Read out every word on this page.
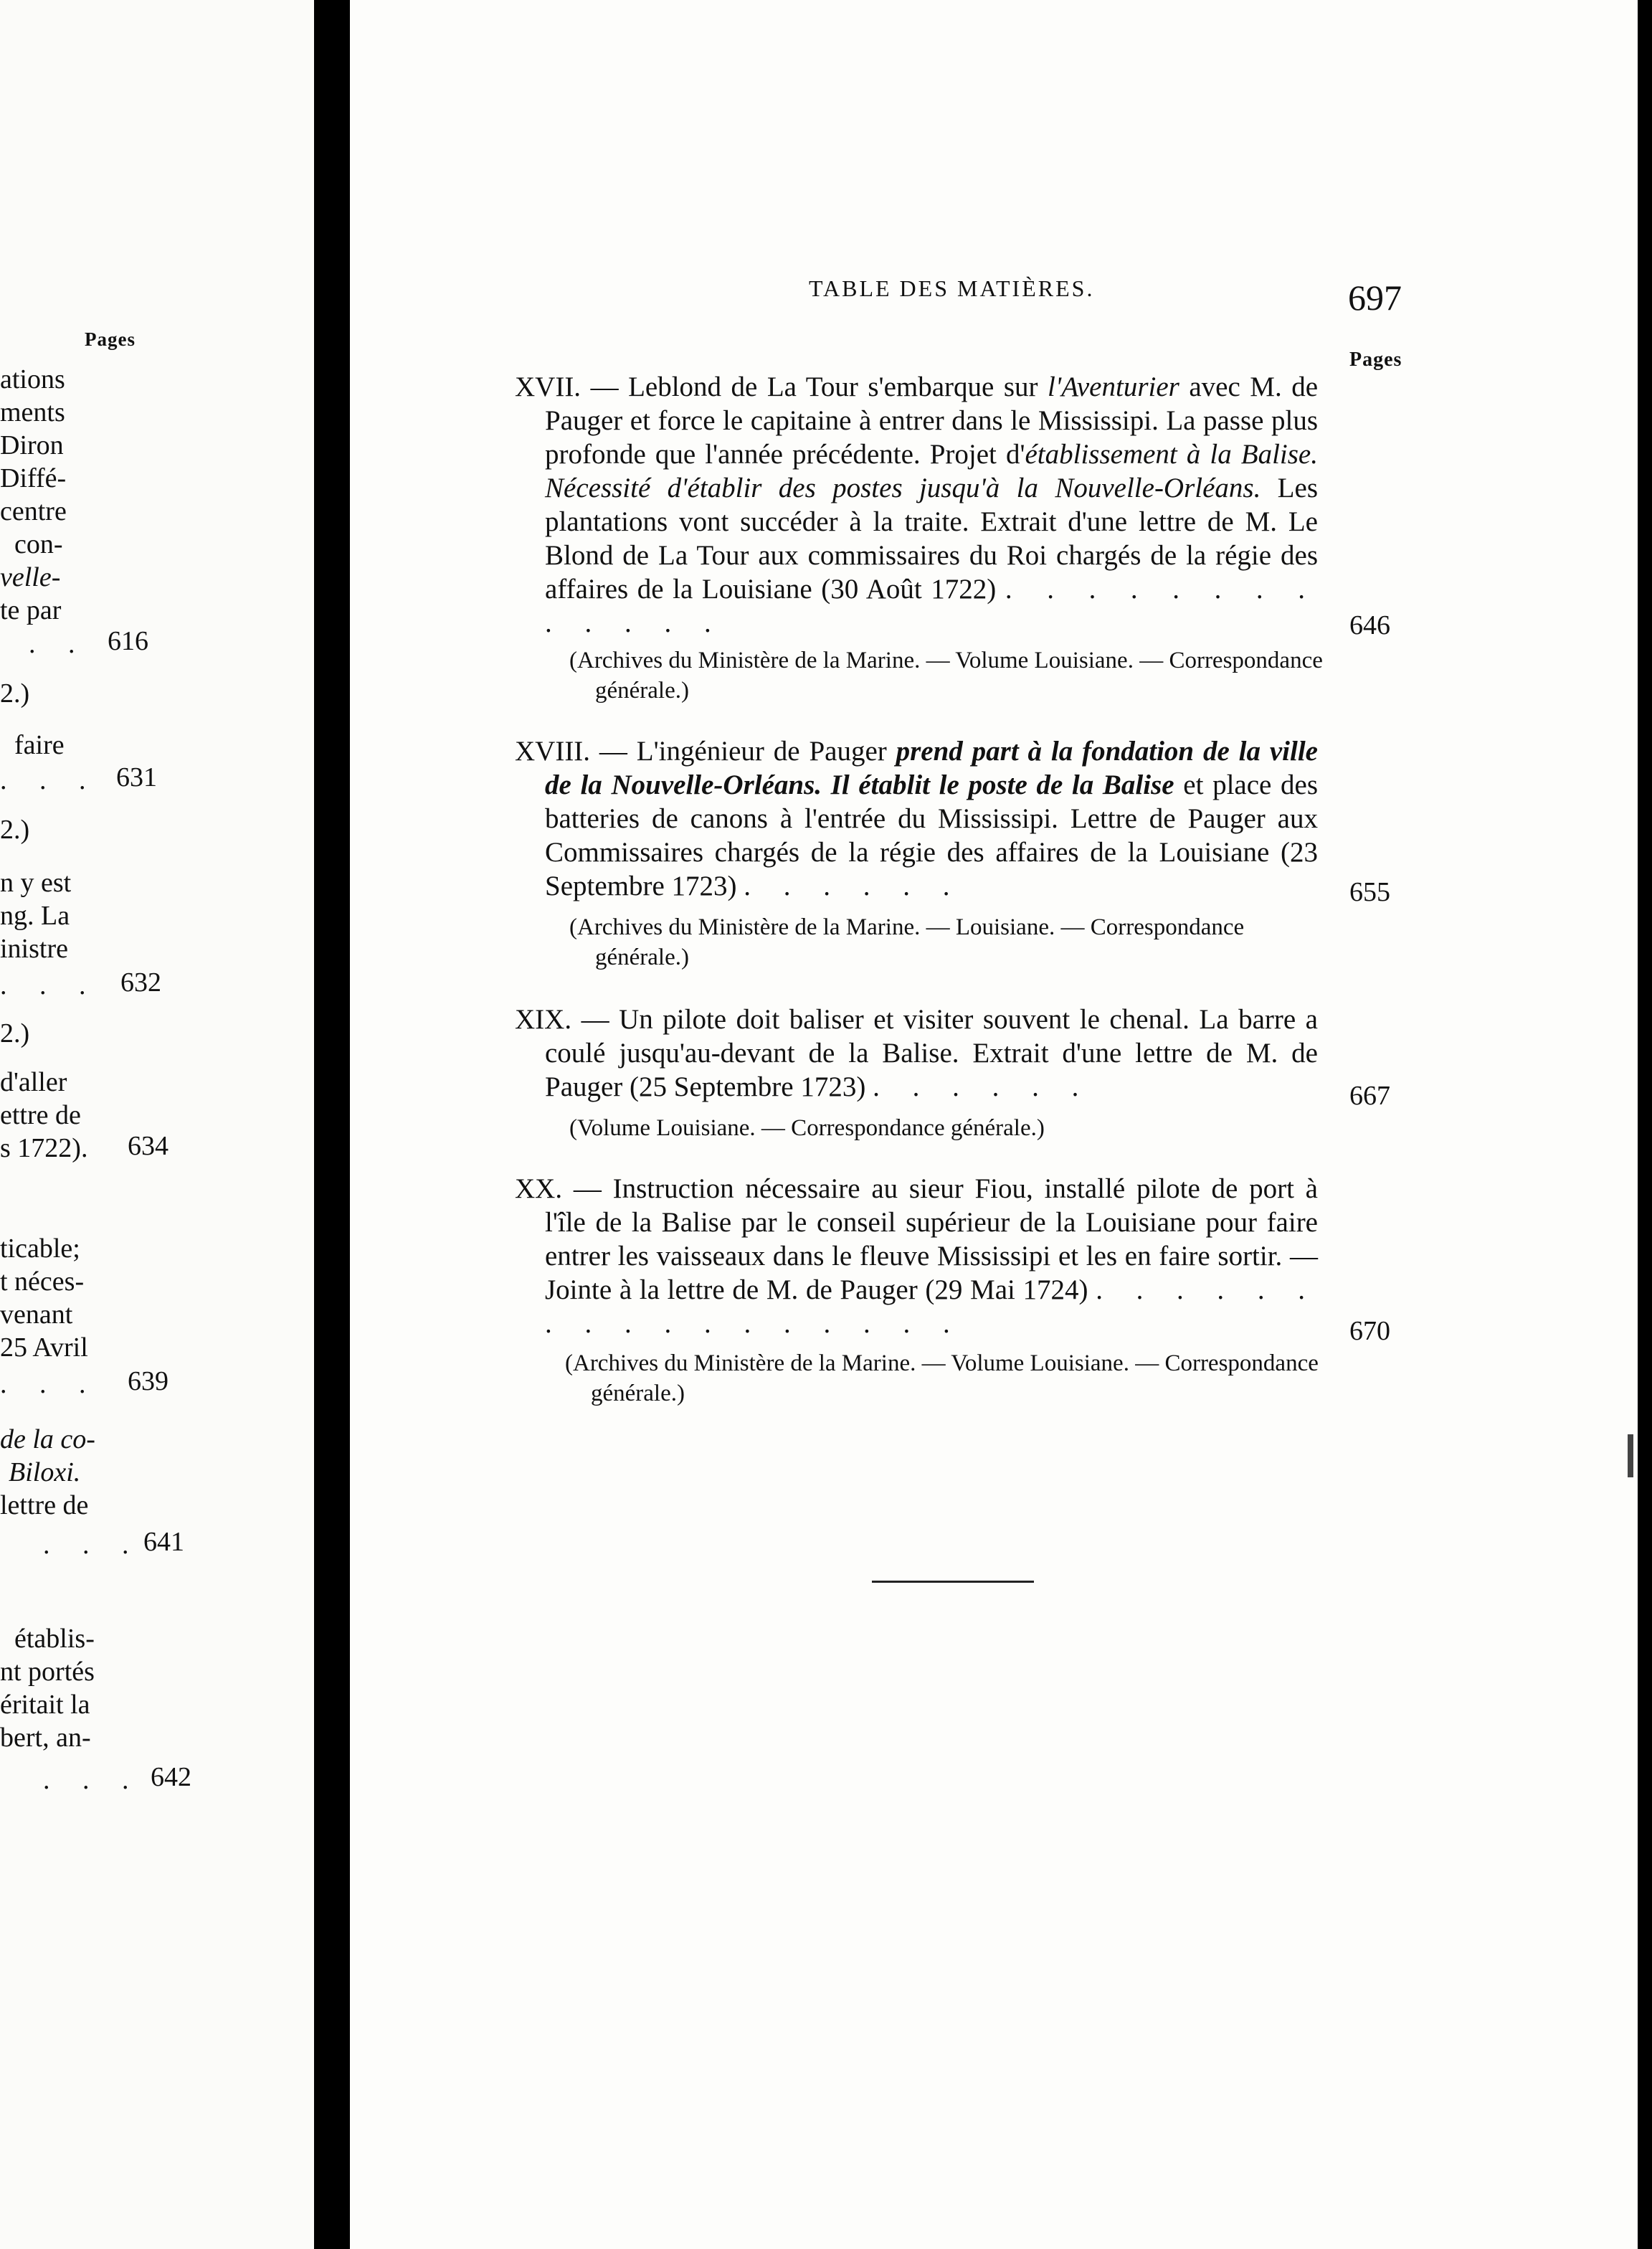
Pages
ations
ments
Diron
Diffé-
centre
con-
velle-
te par
. . 616
2.)
faire
. . . 631
2.)
n y est
ng. La
inistre
. . . 632
2.)
d'aller
ettre de
s 1722). 634
ticable;
t néces-
venant
25 Avril
. . . 639
de la co-
Biloxi.
lettre de
. . . 641
établis-
nt portés
éritait la
bert, an-
. . . 642
TABLE DES MATIÈRES.	697
Pages

XVII. — Leblond de La Tour s'embarque sur l'Aventurier avec M. de Pauger et force le capitaine à entrer dans le Mississipi. La passe plus profonde que l'année précédente. Projet d'établissement à la Balise. Nécessité d'établir des postes jusqu'à la Nouvelle-Orléans. Les plantations vont succéder à la traite. Extrait d'une lettre de M. Le Blond de La Tour aux commissaires du Roi chargés de la régie des affaires de la Louisiane (30 Août 1722) . . . . . . . . . . . . .	646

(Archives du Ministère de la Marine. — Volume Louisiane. — Correspondance générale.)

XVIII. — L'ingénieur de Pauger prend part à la fondation de la ville de la Nouvelle-Orléans. Il établit le poste de la Balise et place des batteries de canons à l'entrée du Mississipi. Lettre de Pauger aux Commissaires chargés de la régie des affaires de la Louisiane (23 Septembre 1723) . . . . . .	655

(Archives du Ministère de la Marine. — Louisiane. — Correspondance générale.)

XIX. — Un pilote doit baliser et visiter souvent le chenal. La barre a coulé jusqu'au-devant de la Balise. Extrait d'une lettre de M. de Pauger (25 Septembre 1723) . . . . . .	667

(Volume Louisiane. — Correspondance générale.)

XX. — Instruction nécessaire au sieur Fiou, installé pilote de port à l'île de la Balise par le conseil supérieur de la Louisiane pour faire entrer les vaisseaux dans le fleuve Mississipi et les en faire sortir. — Jointe à la lettre de M. de Pauger (29 Mai 1724) . . . . . . . . . . . . . . . . .	670

(Archives du Ministère de la Marine. — Volume Louisiane. — Correspondance générale.)
